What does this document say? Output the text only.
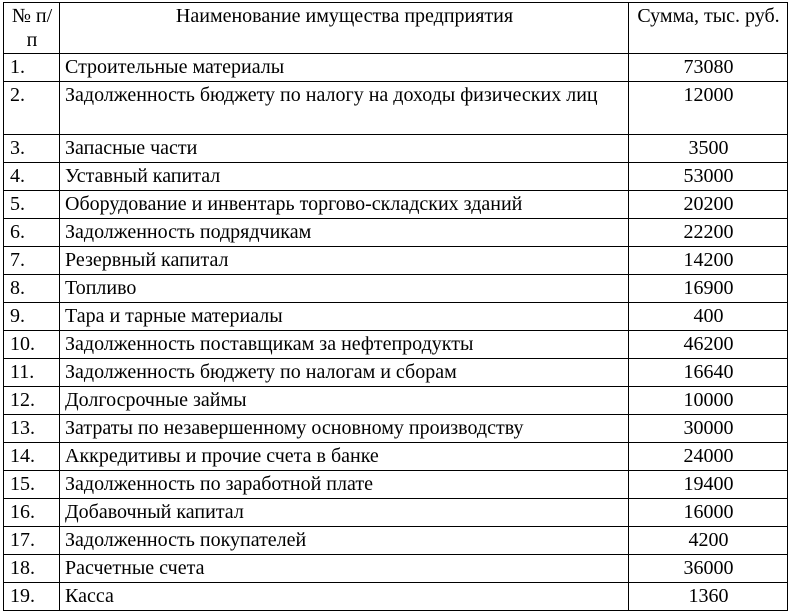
№ п/п	Наименование имущества предприятия	Сумма, тыс. руб.
1.	Строительные материалы	73080
2.	Задолженность бюджету по налогу на доходы физических лиц	12000
3.	Запасные части	3500
4.	Уставный капитал	53000
5.	Оборудование и инвентарь торгово-складских зданий	20200
6.	Задолженность подрядчикам	22200
7.	Резервный капитал	14200
8.	Топливо	16900
9.	Тара и тарные материалы	400
10.	Задолженность поставщикам за нефтепродукты	46200
11.	Задолженность бюджету по налогам и сборам	16640
12.	Долгосрочные займы	10000
13.	Затраты по незавершенному основному производству	30000
14.	Аккредитивы и прочие счета в банке	24000
15.	Задолженность по заработной плате	19400
16.	Добавочный капитал	16000
17.	Задолженность покупателей	4200
18.	Расчетные счета	36000
19.	Касса	1360
